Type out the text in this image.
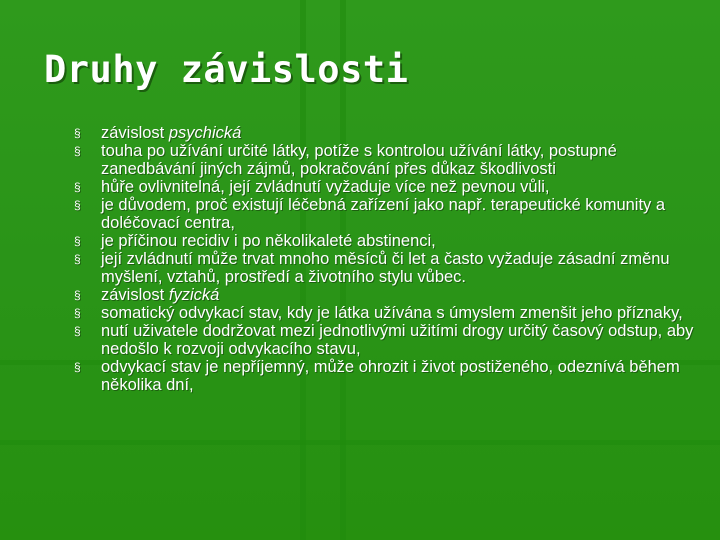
Druhy závislosti
§	závislost psychická
§	touha po užívání určité látky, potíže s kontrolou užívání látky, postupné zanedbávání jiných zájmů, pokračování přes důkaz škodlivosti
§	hůře ovlivnitelná, její zvládnutí vyžaduje více než pevnou vůli,
§	je důvodem, proč existují léčebná zařízení jako např. terapeutické komunity a doléčovací centra,
§	je příčinou recidiv i po několikaleté abstinenci,
§	její zvládnutí může trvat mnoho měsíců či let a často vyžaduje zásadní změnu myšlení, vztahů, prostředí a životního stylu vůbec.
§	závislost fyzická
§	somatický odvykací stav, kdy je látka užívána s úmyslem zmenšit jeho příznaky,
§	nutí uživatele dodržovat mezi jednotlivými užitími drogy určitý časový odstup, aby nedošlo k rozvoji odvykacího stavu,
§	odvykací stav je nepříjemný, může ohrozit i život postiženého, odeznívá během několika dní,
